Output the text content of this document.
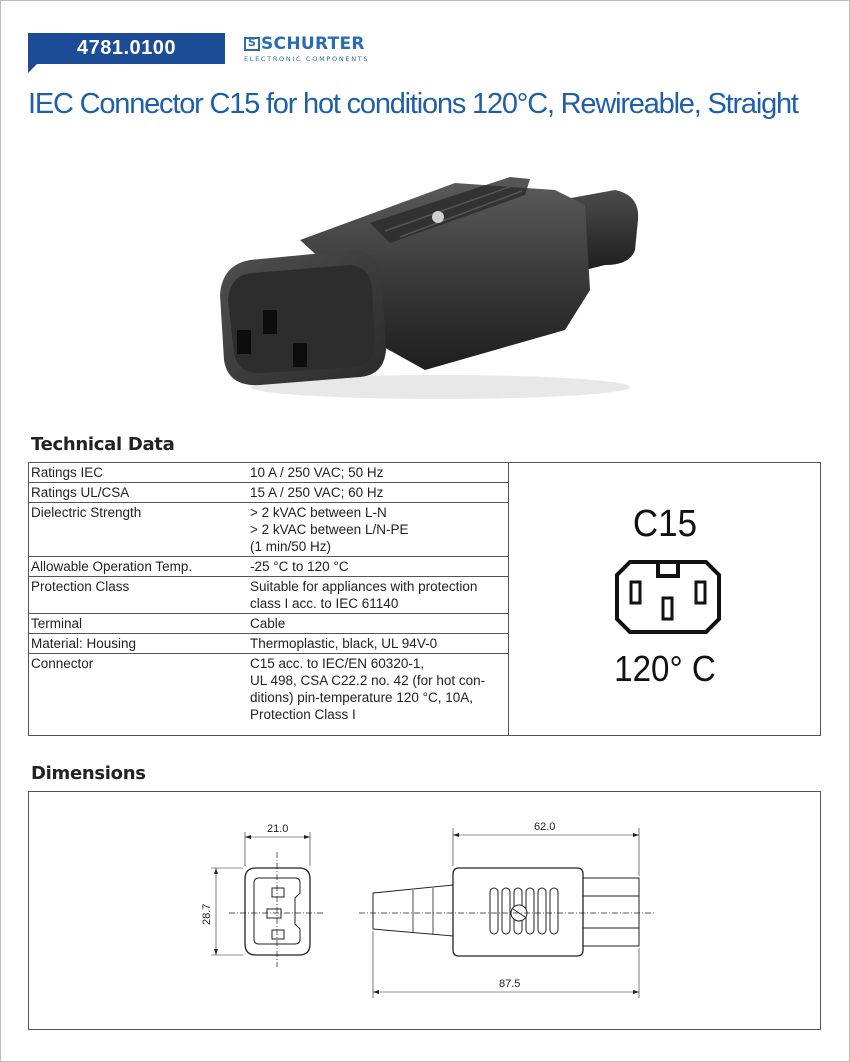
4781.0100	S SCHURTER
ELECTRONIC COMPONENTS
IEC Connector C15 for hot conditions 120°C, Rewireable, Straight
Technical Data
Ratings IEC	10 A / 250 VAC; 50 Hz

Ratings UL/CSA	15 A / 250 VAC; 60 Hz

Dielectric Strength	> 2 kVAC between L-N
> 2 kVAC between L/N-PE
(1 min/50 Hz)

Allowable Operation Temp.	-25 °C to 120 °C

Protection Class	Suitable for appliances with protection
class I acc. to IEC 61140

Terminal	Cable

Material: Housing	Thermoplastic, black, UL 94V-0

Connector	C15 acc. to IEC/EN 60320-1,
UL 498, CSA C22.2 no. 42 (for hot con-
ditions) pin-temperature 120 °C, 10A,
Protection Class I
C15
120° C
Dimensions
21.0
28.7
62.0
87.5
